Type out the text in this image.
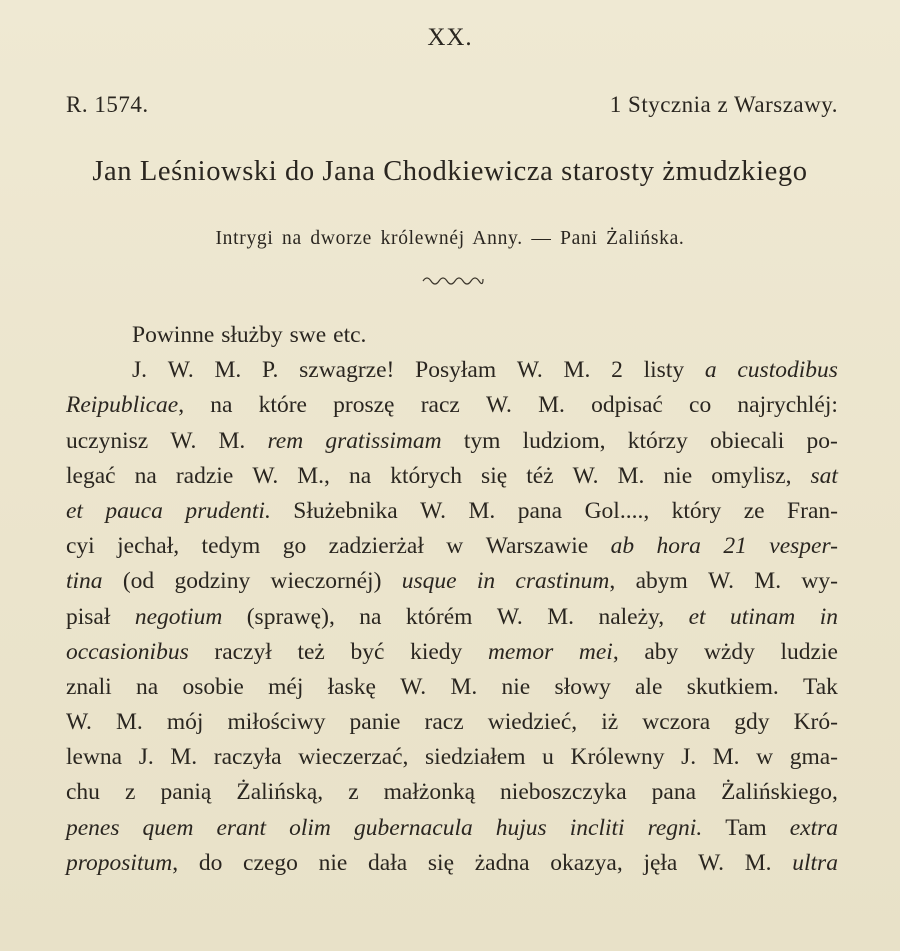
XX.
R. 1574.	1 Stycznia z Warszawy.
Jan Leśniowski do Jana Chodkiewicza starosty żmudzkiego
Intrygi na dworze królewnéj Anny. — Pani Żalińska.
Powinne służby swe etc.
J. W. M. P. szwagrze! Posyłam W. M. 2 listy a custodibus
Reipublicae, na które proszę racz W. M. odpisać co najrychléj:
uczynisz W. M. rem gratissimam tym ludziom, którzy obiecali po-
legać na radzie W. M., na których się téż W. M. nie omylisz, sat
et pauca prudenti. Służebnika W. M. pana Gol...., który ze Fran-
cyi jechał, tedym go zadzierżał w Warszawie ab hora 21 vesper-
tina (od godziny wieczornéj) usque in crastinum, abym W. M. wy-
pisał negotium (sprawę), na którém W. M. należy, et utinam in
occasionibus raczył też być kiedy memor mei, aby wżdy ludzie
znali na osobie méj łaskę W. M. nie słowy ale skutkiem. Tak
W. M. mój miłościwy panie racz wiedzieć, iż wczora gdy Kró-
lewna J. M. raczyła wieczerzać, siedziałem u Królewny J. M. w gma-
chu z panią Żalińską, z małżonką nieboszczyka pana Żalińskiego,
penes quem erant olim gubernacula hujus incliti regni. Tam extra
propositum, do czego nie dała się żadna okazya, jęła W. M. ultra
